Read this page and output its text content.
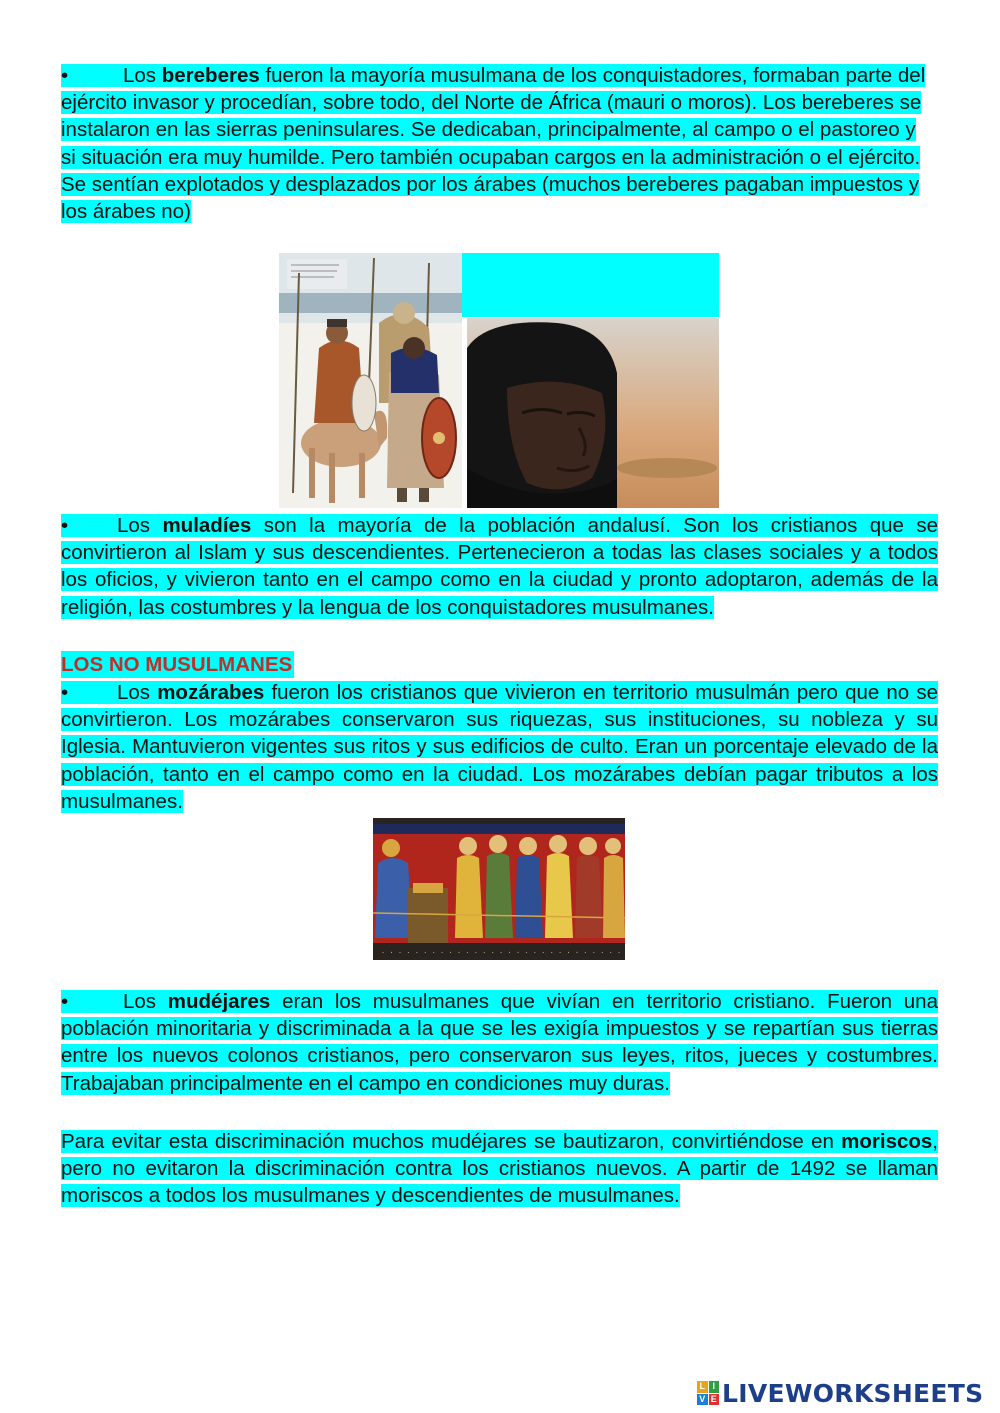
•	Los bereberes fueron la mayoría musulmana de los conquistadores, formaban parte del ejército invasor y procedían, sobre todo, del Norte de África (mauri o moros). Los bereberes se instalaron en las sierras peninsulares. Se dedicaban, principalmente, al campo o el pastoreo y si situación era muy humilde. Pero también ocupaban cargos en la administración o el ejército. Se sentían explotados y desplazados por los árabes (muchos bereberes pagaban impuestos y los árabes no)
• Los muladíes son la mayoría de la población andalusí. Son los cristianos que se convirtieron al Islam y sus descendientes. Pertenecieron a todas las clases sociales y a todos los oficios, y vivieron tanto en el campo como en la ciudad y pronto adoptaron, además de la religión, las costumbres y la lengua de los conquistadores musulmanes.
LOS NO MUSULMANES
• Los mozárabes fueron los cristianos que vivieron en territorio musulmán pero que no se convirtieron. Los mozárabes conservaron sus riquezas, sus instituciones, su nobleza y su Iglesia. Mantuvieron vigentes sus ritos y sus edificios de culto. Eran un porcentaje elevado de la población, tanto en el campo como en la ciudad. Los mozárabes debían pagar tributos a los musulmanes.
· · · · · · · · · · · · · · · · · · · · · · · · · · · · ·
•	Los mudéjares eran los musulmanes que vivían en territorio cristiano. Fueron una población minoritaria y discriminada a la que se les exigía impuestos y se repartían sus tierras entre los nuevos colonos cristianos, pero conservaron sus leyes, ritos, jueces y costumbres. Trabajaban principalmente en el campo en condiciones muy duras.
Para evitar esta discriminación muchos mudéjares se bautizaron, convirtiéndose en moriscos, pero no evitaron la discriminación contra los cristianos nuevos. A partir de 1492 se llaman moriscos a todos los musulmanes y descendientes de musulmanes.
L I
V E LIVEWORKSHEETS
